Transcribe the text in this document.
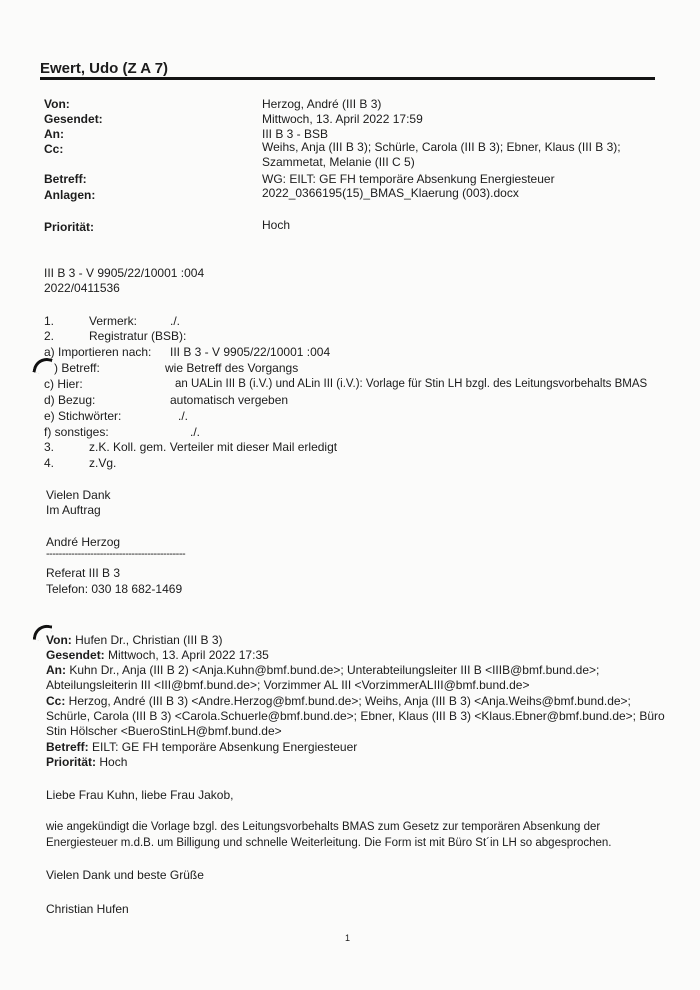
Ewert, Udo (Z A 7)
Von:	Herzog, André (III B 3)
Gesendet:	Mittwoch, 13. April 2022 17:59
An:	III B 3 - BSB
Cc:	Weihs, Anja (III B 3); Schürle, Carola (III B 3); Ebner, Klaus (III B 3);
Szammetat, Melanie (III C 5)
Betreff:	WG: EILT: GE FH temporäre Absenkung Energiesteuer
Anlagen:	2022_0366195(15)_BMAS_Klaerung (003).docx
Priorität:	Hoch
III B 3 - V 9905/22/10001 :004
2022/0411536
1.	Vermerk:	./.
2.	Registratur (BSB):
a) Importieren nach: III B 3 - V 9905/22/10001 :004
) Betreff:	wie Betreff des Vorgangs
c) Hier:	an UALin III B (i.V.) und ALin III (i.V.): Vorlage für Stin LH bzgl. des Leitungsvorbehalts BMAS
d) Bezug:	automatisch vergeben
e) Stichwörter:	./.
f) sonstiges:	./.
3.	z.K. Koll. gem. Verteiler mit dieser Mail erledigt
4.	z.Vg.
Vielen Dank
Im Auftrag
André Herzog
--------------------------------------------
Referat III B 3
Telefon: 030 18 682-1469
Von: Hufen Dr., Christian (III B 3)
Gesendet: Mittwoch, 13. April 2022 17:35
An: Kuhn Dr., Anja (III B 2) <Anja.Kuhn@bmf.bund.de>; Unterabteilungsleiter III B <IIIB@bmf.bund.de>;
Abteilungsleiterin III <III@bmf.bund.de>; Vorzimmer AL III <VorzimmerALIII@bmf.bund.de>
Cc: Herzog, André (III B 3) <Andre.Herzog@bmf.bund.de>; Weihs, Anja (III B 3) <Anja.Weihs@bmf.bund.de>;
Schürle, Carola (III B 3) <Carola.Schuerle@bmf.bund.de>; Ebner, Klaus (III B 3) <Klaus.Ebner@bmf.bund.de>; Büro
Stin Hölscher <BueroStinLH@bmf.bund.de>
Betreff: EILT: GE FH temporäre Absenkung Energiesteuer
Priorität: Hoch
Liebe Frau Kuhn, liebe Frau Jakob,
wie angekündigt die Vorlage bzgl. des Leitungsvorbehalts BMAS zum Gesetz zur temporären Absenkung der
Energiesteuer m.d.B. um Billigung und schnelle Weiterleitung. Die Form ist mit Büro St´in LH so abgesprochen.
Vielen Dank und beste Grüße
Christian Hufen
1
